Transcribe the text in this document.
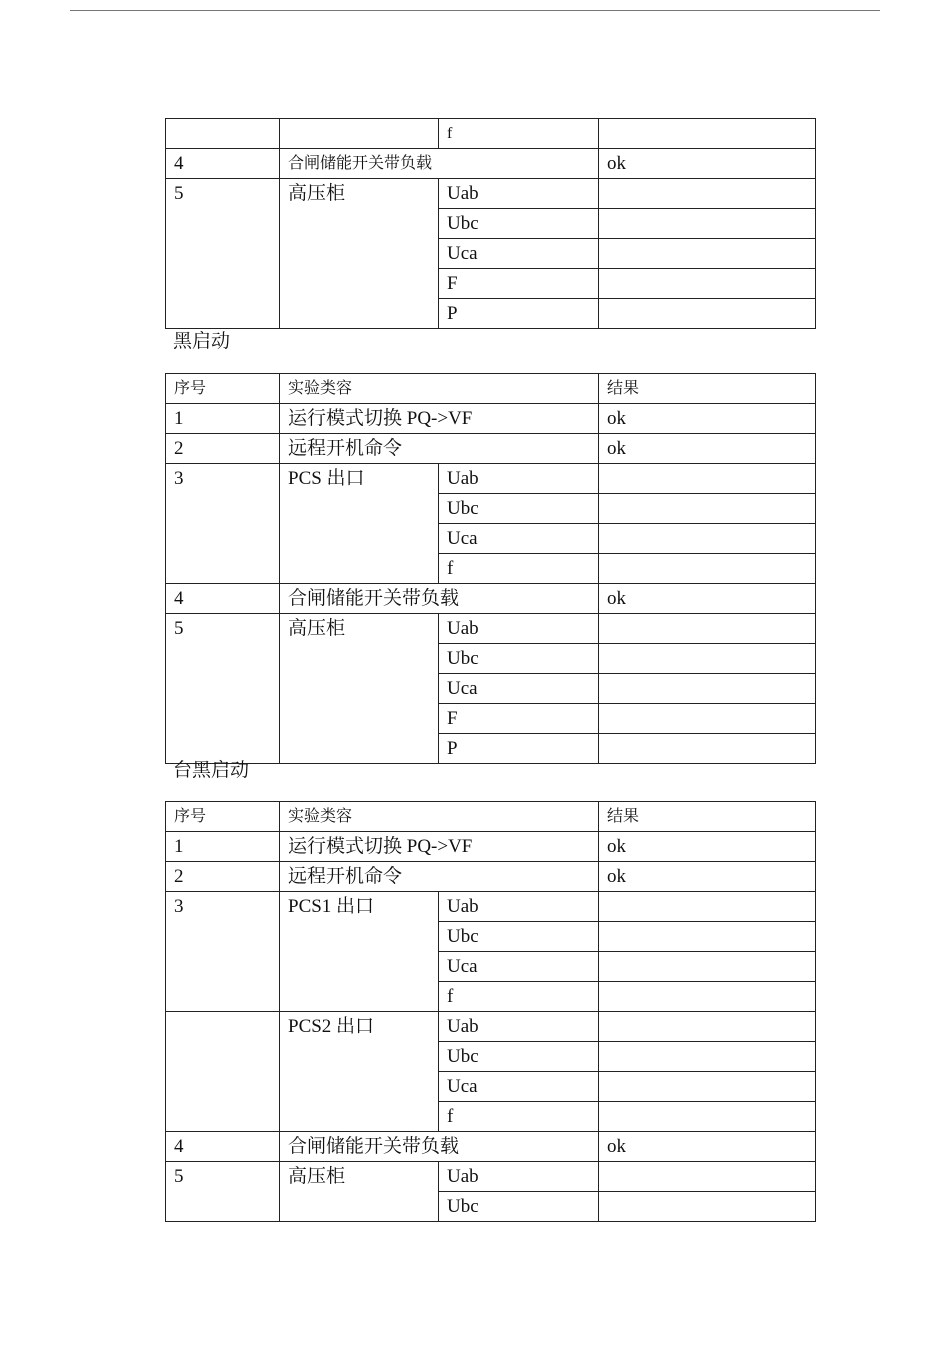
		f	
4	合闸储能开关带负载		ok
5	高压柜	Uab	
		Ubc	
		Uca	
		F	
		P	
黑启动
序号	实验类容		结果
1	运行模式切换 PQ->VF		ok
2	远程开机命令		ok
3	PCS 出口	Uab	
		Ubc	
		Uca	
		f	
4	合闸储能开关带负载		ok
5	高压柜	Uab	
		Ubc	
		Uca	
		F	
		P	
台黑启动
序号	实验类容		结果
1	运行模式切换 PQ->VF		ok
2	远程开机命令		ok
3	PCS1 出口	Uab	
		Ubc	
		Uca	
		f	
	PCS2 出口	Uab	
		Ubc	
		Uca	
		f	
4	合闸储能开关带负载		ok
5	高压柜	Uab	
		Ubc	
